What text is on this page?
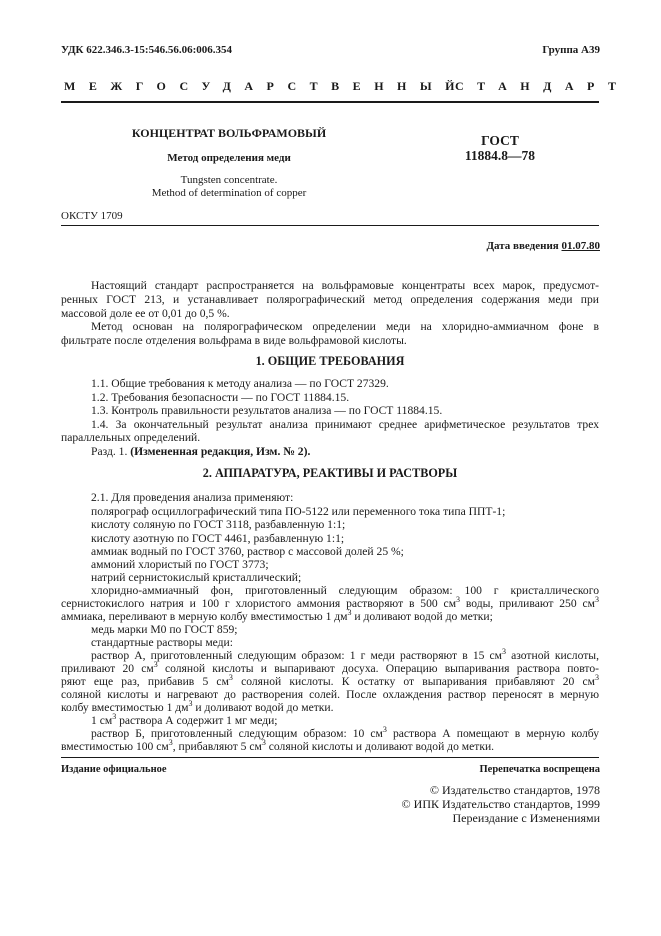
УДК 622.346.3-15:546.56.06:006.354	Группа А39
МЕЖГОСУДАРСТВЕННЫЙ
СТАНДАРТ
КОНЦЕНТРАТ ВОЛЬФРАМОВЫЙ
Метод определения меди
Tungsten concentrate.
Method of determination of copper
ГОСТ
11884.8—78
ОКСТУ 1709
Дата введения 01.07.80
Настоящий стандарт распространяется на вольфрамовые концентраты всех марок, предусмот-
ренных ГОСТ 213, и устанавливает полярографический метод определения содержания меди при
массовой доле ее от 0,01 до 0,5 %.
Метод основан на полярографическом определении меди на хлоридно-аммиачном фоне в
фильтрате после отделения вольфрама в виде вольфрамовой кислоты.
1. ОБЩИЕ ТРЕБОВАНИЯ
1.1. Общие требования к методу анализа — по ГОСТ 27329.
1.2. Требования безопасности — по ГОСТ 11884.15.
1.3. Контроль правильности результатов анализа — по ГОСТ 11884.15.
1.4. За окончательный результат анализа принимают среднее арифметическое результатов трех
параллельных определений.
Разд. 1. (Измененная редакция, Изм. № 2).
2. АППАРАТУРА, РЕАКТИВЫ И РАСТВОРЫ
2.1. Для проведения анализа применяют:
полярограф осциллографический типа ПО-5122 или переменного тока типа ППТ-1;
кислоту соляную по ГОСТ 3118, разбавленную 1:1;
кислоту азотную по ГОСТ 4461, разбавленную 1:1;
аммиак водный по ГОСТ 3760, раствор с массовой долей 25 %;
аммоний хлористый по ГОСТ 3773;
натрий сернистокислый кристаллический;
хлоридно-аммиачный фон, приготовленный следующим образом: 100 г кристаллического
сернистокислого натрия и 100 г хлористого аммония растворяют в 500 $см^3$ воды, приливают 250 $см^3$
аммиака, переливают в мерную колбу вместимостью 1 $дм^3$ и доливают водой до метки;
медь марки М0 по ГОСТ 859;
стандартные растворы меди:
раствор А, приготовленный следующим образом: 1 г меди растворяют в 15 $см^3$ азотной кислоты,
приливают 20 $см^3$ соляной кислоты и выпаривают досуха. Операцию выпаривания раствора повто-
ряют еще раз, прибавив 5 $см^3$ соляной кислоты. К остатку от выпаривания прибавляют 20 $см^3$
соляной кислоты и нагревают до растворения солей. После охлаждения раствор переносят в мерную
колбу вместимостью 1 $дм^3$ и доливают водой до метки.
1 $см^3$ раствора А содержит 1 мг меди;
раствор Б, приготовленный следующим образом: 10 $см^3$ раствора А помещают в мерную колбу
вместимостью 100 $см^3$, прибавляют 5 $см^3$ соляной кислоты и доливают водой до метки.
Издание официальное	Перепечатка воспрещена
© Издательство стандартов, 1978
© ИПК Издательство стандартов, 1999
Переиздание с Изменениями
